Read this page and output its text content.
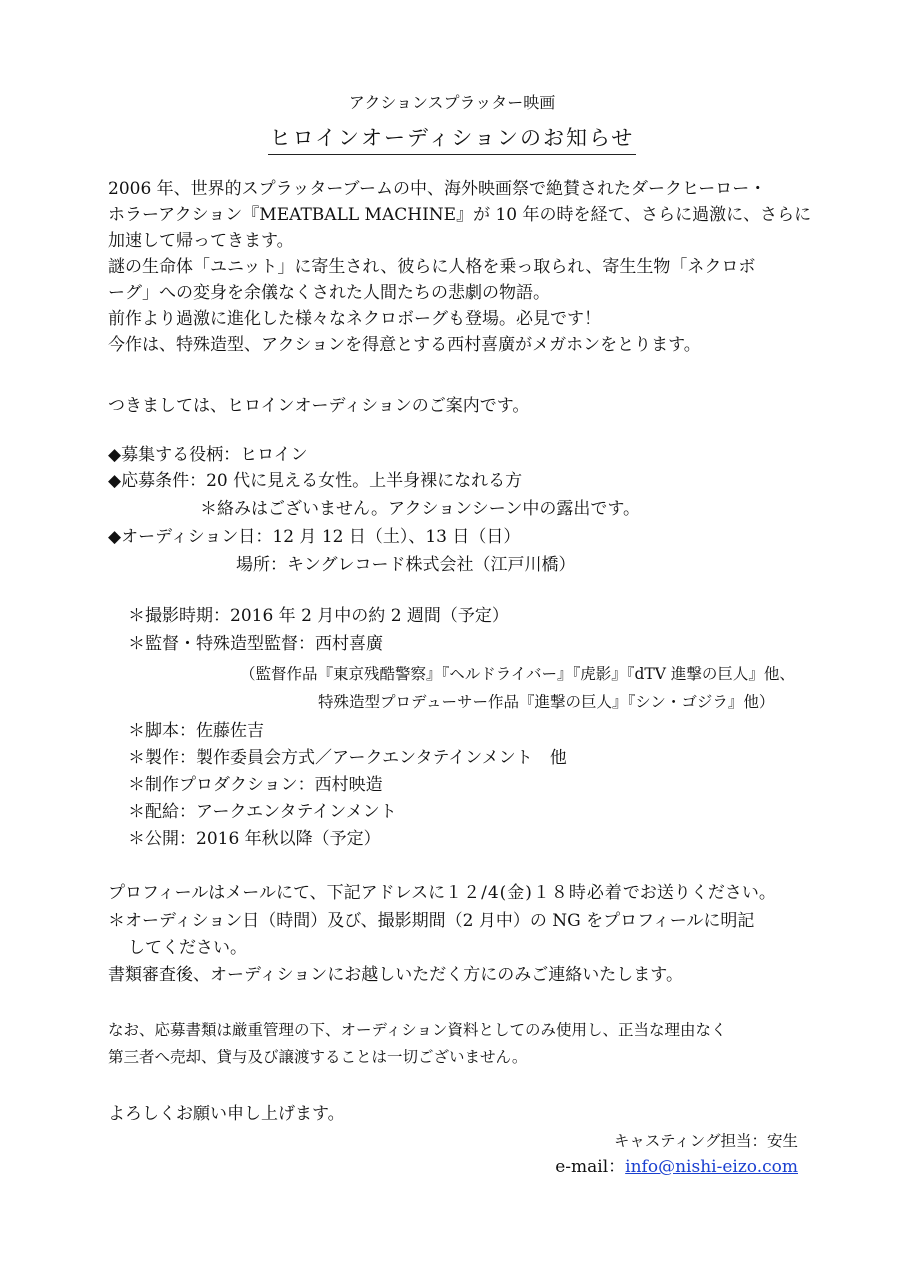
アクションスプラッター映画
ヒロインオーディションのお知らせ
2006 年、世界的スプラッターブームの中、海外映画祭で絶賛されたダークヒーロー・
ホラーアクション『MEATBALL MACHINE』が 10 年の時を経て、さらに過激に、さらに
加速して帰ってきます。
謎の生命体「ユニット」に寄生され、彼らに人格を乗っ取られ、寄生生物「ネクロボ
ーグ」への変身を余儀なくされた人間たちの悲劇の物語。
前作より過激に進化した様々なネクロボーグも登場。必見です！
今作は、特殊造型、アクションを得意とする西村喜廣がメガホンをとります。
つきましては、ヒロインオーディションのご案内です。
◆募集する役柄：ヒロイン
◆応募条件：20 代に見える女性。上半身裸になれる方
＊絡みはございません。アクションシーン中の露出です。
◆オーディション日：12 月 12 日（土）、13 日（日）
場所：キングレコード株式会社（江戸川橋）
＊撮影時期：2016 年 2 月中の約 2 週間（予定）
＊監督・特殊造型監督：西村喜廣
（監督作品『東京残酷警察』『ヘルドライバー』『虎影』『dTV 進撃の巨人』他、
特殊造型プロデューサー作品『進撃の巨人』『シン・ゴジラ』他）
＊脚本：佐藤佐吉
＊製作：製作委員会方式／アークエンタテインメント　他
＊制作プロダクション：西村映造
＊配給：アークエンタテインメント
＊公開：2016 年秋以降（予定）
プロフィールはメールにて、下記アドレスに１２/4(金)１８時必着でお送りください。
＊オーディション日（時間）及び、撮影期間（2 月中）の NG をプロフィールに明記
してください。
書類審査後、オーディションにお越しいただく方にのみご連絡いたします。
なお、応募書類は厳重管理の下、オーディション資料としてのみ使用し、正当な理由なく
第三者へ売却、貸与及び譲渡することは一切ございません。
よろしくお願い申し上げます。
キャスティング担当：安生
e-mail：info@nishi-eizo.com
